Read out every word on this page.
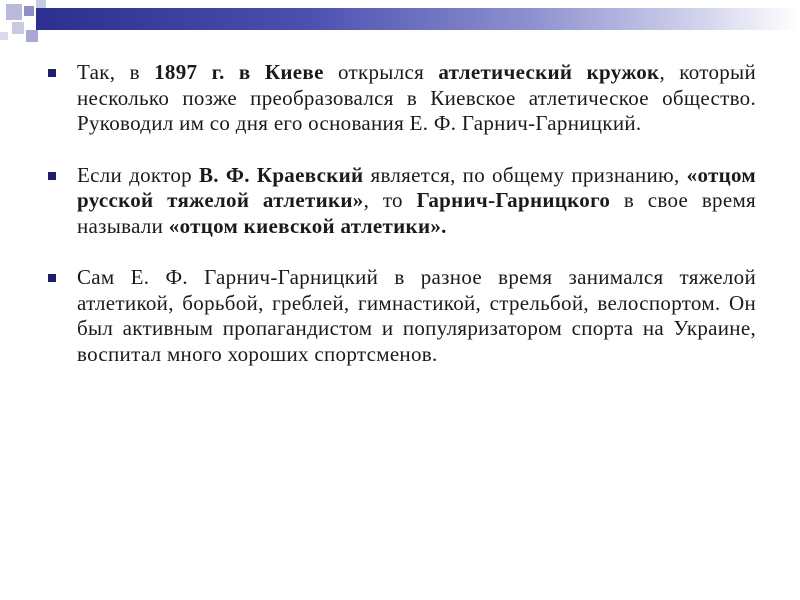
Так, в 1897 г. в Киеве открылся атлетический кружок, который несколько позже преобразовался в Киевское атлетическое общество. Руководил им со дня его основания Е. Ф. Гарнич-Гарницкий.
Если доктор В. Ф. Краевский является, по общему признанию, «отцом русской тяжелой атлетики», то Гарнич-Гарницкого в свое время называли «отцом киевской атлетики».
Сам Е. Ф. Гарнич-Гарницкий в разное время занимался тяжелой атлетикой, борьбой, греблей, гимнастикой, стрельбой, велоспортом. Он был активным пропагандистом и популяризатором спорта на Украине, воспитал много хороших спортсменов.
